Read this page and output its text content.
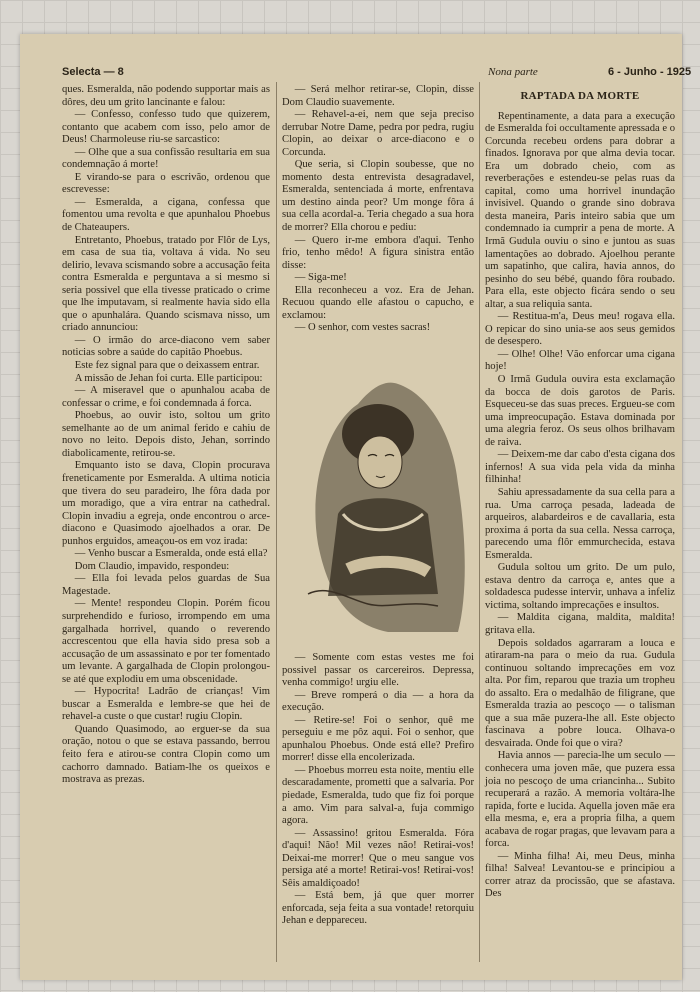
Selecta — 8	Nona parte	6 - Junho - 1925

ques. Esmeralda, não podendo supportar mais as dôres, deu um grito lancinante e falou:

— Confesso, confesso tudo que quizerem, contanto que acabem com isso, pelo amor de Deus! Charmoleuse riu-se sarcastico:

— Olhe que a sua confissão resultaria em sua condemnação á morte!

E virando-se para o escrivão, ordenou que escrevesse:

— Esmeralda, a cigana, confessa que fomentou uma revolta e que apunhalou Phoebus de Chateaupers.

Entretanto, Phoebus, tratado por Flôr de Lys, em casa de sua tia, voltava á vida. No seu delirio, levava scismando sobre a accusação feita contra Esmeralda e perguntava a si mesmo si seria possivel que ella tivesse praticado o crime que lhe imputavam, si realmente havia sido ella que o apunhalára. Quando scismava nisso, um criado annunciou:

— O irmão do arce-diacono vem saber noticias sobre a saúde do capitão Phoebus.

Este fez signal para que o deixassem entrar.

A missão de Jehan foi curta. Elle participou:

— A miseravel que o apunhalou acaba de confessar o crime, e foi condemnada á forca.

Phoebus, ao ouvir isto, soltou um grito semelhante ao de um animal ferido e cahiu de novo no leito. Depois disto, Jehan, sorrindo diabolicamente, retirou-se.

Emquanto isto se dava, Clopin procurava freneticamente por Esmeralda. A ultima noticia que tivera do seu paradeiro, lhe fôra dada por um moradigo, que a vira entrar na cathedral. Clopin invadiu a egreja, onde encontrou o arce-diacono e Quasimodo ajoelhados a orar. De punhos erguidos, ameaçou-os em voz irada:

— Venho buscar a Esmeralda, onde está ella?

Dom Claudio, impavido, respondeu:

— Ella foi levada pelos guardas de Sua Magestade.

— Mente! respondeu Clopin. Porém ficou surprehendido e furioso, irrompendo em uma gargalhada horrivel, quando o reverendo accrescentou que ella havia sido presa sob a accusação de um assassinato e por ter fomentado um levante. A gargalhada de Clopin prolongou-se até que explodiu em uma obscenidade.

— Hypocrita! Ladrão de crianças! Vim buscar a Esmeralda e lembre-se que hei de rehavel-a custe o que custar! rugiu Clopin.

Quando Quasimodo, ao erguer-se da sua oração, notou o que se estava passando, berrou feito fera e atirou-se contra Clopin como um cachorro damnado. Batiam-lhe os queixos e mostrava as prezas.

— Será melhor retirar-se, Clopin, disse Dom Claudio suavemente.

— Rehavel-a-ei, nem que seja preciso derrubar Notre Dame, pedra por pedra, rugiu Clopin, ao deixar o arce-diacono e o Corcunda.

Que seria, si Clopin soubesse, que no momento desta entrevista desagradavel, Esmeralda, sentenciada á morte, enfrentava um destino ainda peor? Um monge fôra á sua cella acordal-a. Teria chegado a sua hora de morrer? Ella chorou e pediu:

— Quero ir-me embora d'aqui. Tenho frio, tenho mêdo! A figura sinistra então disse:

— Siga-me!

Ella reconheceu a voz. Era de Jehan. Recuou quando elle afastou o capucho, e exclamou:

— O senhor, com vestes sacras!

— Somente com estas vestes me foi possivel passar os carcereiros. Depressa, venha commigo! urgiu elle.

— Breve romperá o dia — a hora da execução.

— Retire-se! Foi o senhor, quê me perseguiu e me pôz aqui. Foi o senhor, que apunhalou Phoebus. Onde está elle? Prefiro morrer! disse ella encolerizada.

— Phoebus morreu esta noite, mentiu elle descaradamente, prometti que a salvaria. Por piedade, Esmeralda, tudo que fiz foi porque a amo. Vim para salval-a, fuja commigo agora.

— Assassino! gritou Esmeralda. Fóra d'aqui! Não! Mil vezes não! Retirai-vos! Deixai-me morrer! Que o meu sangue vos persiga até a morte! Retirai-vos! Retirai-vos! Sêis amaldiçoado!

— Está bem, já que quer morrer enforcada, seja feita a sua vontade! retorquiu Jehan e deppareceu.

RAPTADA DA MORTE

Repentinamente, a data para a execução de Esmeralda foi occultamente apressada e o Corcunda recebeu ordens para dobrar a finados. Ignorava por que alma devia tocar. Era um dobrado cheio, com as reverberações e estendeu-se pelas ruas da capital, como uma horrivel inundação invisivel. Quando o grande sino dobrava desta maneira, Paris inteiro sabia que um condemnado ia cumprir a pena de morte. A Irmã Gudula ouviu o sino e juntou as suas lamentações ao dobrado. Ajoelhou perante um sapatinho, que calira, havia annos, do pesinho do seu bébé, quando fôra roubado. Para ella, este objecto ficára sendo o seu altar, a sua reliquia santa.

— Restitua-m'a, Deus meu! rogava ella. O repicar do sino unia-se aos seus gemidos de desespero.

— Olhe! Olhe! Vão enforcar uma cigana hoje!

O Irmã Gudula ouvira esta exclamação da bocca de dois garotos de Paris. Esqueceu-se das suas preces. Ergueu-se com uma impreocupação. Estava dominada por uma alegria feroz. Os seus olhos brilhavam de raiva.

— Deixem-me dar cabo d'esta cigana dos infernos! A sua vida pela vida da minha filhinha!

Sahiu apressadamente da sua cella para a rua. Uma carroça pesada, ladeada de arqueiros, alabardeiros e de cavallaria, esta proxima á porta da sua cella. Nessa carroça, parecendo uma flôr emmurchecida, estava Esmeralda.

Gudula soltou um grito. De um pulo, estava dentro da carroça e, antes que a soldadesca pudesse intervir, unhava a infeliz victima, soltando imprecações e insultos.

— Maldita cigana, maldita, maldita! gritava ella.

Depois soldados agarraram a louca e atiraram-na para o meio da rua. Gudula continuou soltando imprecações em voz alta. Por fim, reparou que trazia um tropheu do assalto. Era o medalhão de filigrane, que Esmeralda trazia ao pescoço — o talisman que a sua mãe puzera-lhe all. Este objecto fascinava a pobre louca. Olhava-o desvairada. Onde foi que o vira?

Havia annos — parecia-lhe um seculo — conhecera uma joven mãe, que puzera essa joia no pescoço de uma criancinha... Subito recuperará a razão. A memoria voltára-lhe rapida, forte e lucida. Aquella joven mãe era ella mesma, e, era a propria filha, a quem acabava de rogar pragas, que levavam para a forca.

— Minha filha! Ai, meu Deus, minha filha! Salvea! Levantou-se e principiou a correr atraz da procissão, que se afastava. Des
